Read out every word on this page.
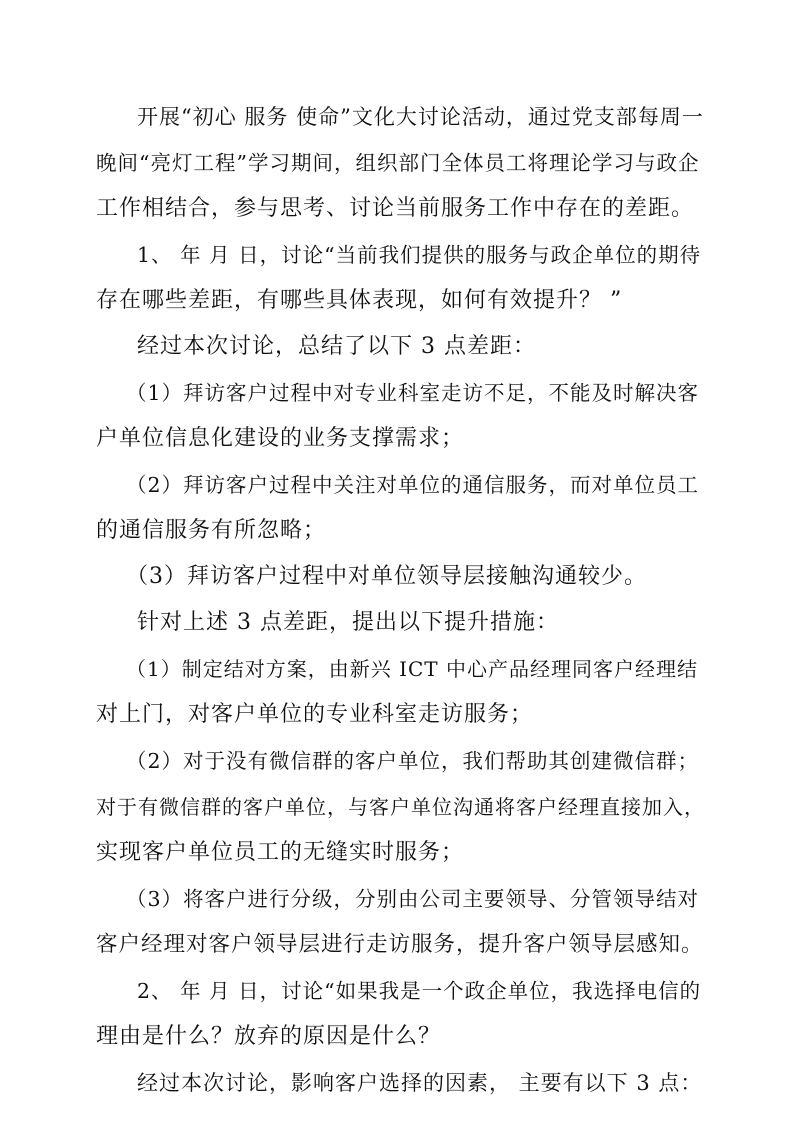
开展“初心 服务 使命”文化大讨论活动，通过党支部每周一
晚间“亮灯工程”学习期间，组织部门全体员工将理论学习与政企
工作相结合，参与思考、讨论当前服务工作中存在的差距。
1、 年 月 日，讨论“当前我们提供的服务与政企单位的期待
存在哪些差距，有哪些具体表现，如何有效提升？ ”
经过本次讨论，总结了以下 3 点差距：
（1）拜访客户过程中对专业科室走访不足，不能及时解决客
户单位信息化建设的业务支撑需求；
（2）拜访客户过程中关注对单位的通信服务，而对单位员工
的通信服务有所忽略；
（3）拜访客户过程中对单位领导层接触沟通较少。
针对上述 3 点差距，提出以下提升措施：
（1）制定结对方案，由新兴 ICT 中心产品经理同客户经理结
对上门，对客户单位的专业科室走访服务；
（2）对于没有微信群的客户单位，我们帮助其创建微信群；
对于有微信群的客户单位，与客户单位沟通将客户经理直接加入，
实现客户单位员工的无缝实时服务；
（3）将客户进行分级，分别由公司主要领导、分管领导结对
客户经理对客户领导层进行走访服务，提升客户领导层感知。
2、 年 月 日，讨论“如果我是一个政企单位，我选择电信的
理由是什么？放弃的原因是什么？
经过本次讨论，影响客户选择的因素， 主要有以下 3 点：
